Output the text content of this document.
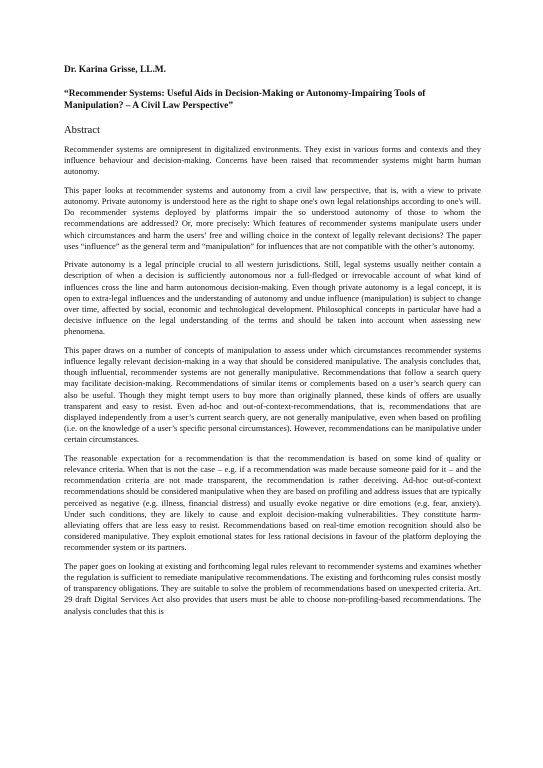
Dr. Karina Grisse, LL.M.

“Recommender Systems: Useful Aids in Decision-Making or Autonomy-Impairing Tools of Manipulation? – A Civil Law Perspective”

Abstract

Recommender systems are omnipresent in digitalized environments. They exist in various forms and contexts and they influence behaviour and decision-making. Concerns have been raised that recommender systems might harm human autonomy.

This paper looks at recommender systems and autonomy from a civil law perspective, that is, with a view to private autonomy. Private autonomy is understood here as the right to shape one's own legal relationships according to one's will. Do recommender systems deployed by platforms impair the so understood autonomy of those to whom the recommendations are addressed? Or, more precisely: Which features of recommender systems manipulate users under which circumstances and harm the users’ free and willing choice in the context of legally relevant decisions? The paper uses “influence” as the general term and “manipulation” for influences that are not compatible with the other’s autonomy.

Private autonomy is a legal principle crucial to all western jurisdictions. Still, legal systems usually neither contain a description of when a decision is sufficiently autonomous nor a full-fledged or irrevocable account of what kind of influences cross the line and harm autonomous decision-making. Even though private autonomy is a legal concept, it is open to extra-legal influences and the understanding of autonomy and undue influence (manipulation) is subject to change over time, affected by social, economic and technological development. Philosophical concepts in particular have had a decisive influence on the legal understanding of the terms and should be taken into account when assessing new phenomena.

This paper draws on a number of concepts of manipulation to assess under which circumstances recommender systems influence legally relevant decision-making in a way that should be considered manipulative. The analysis concludes that, though influential, recommender systems are not generally manipulative. Recommendations that follow a search query may facilitate decision-making. Recommendations of similar items or complements based on a user’s search query can also be useful. Though they might tempt users to buy more than originally planned, these kinds of offers are usually transparent and easy to resist. Even ad-hoc and out-of-context-recommendations, that is, recommendations that are displayed independently from a user’s current search query, are not generally manipulative, even when based on profiling (i.e. on the knowledge of a user’s specific personal circumstances). However, recommendations can be manipulative under certain circumstances.

The reasonable expectation for a recommendation is that the recommendation is based on some kind of quality or relevance criteria. When that is not the case – e.g. if a recommendation was made because someone paid for it – and the recommendation criteria are not made transparent, the recommendation is rather deceiving. Ad-hoc out-of-context recommendations should be considered manipulative when they are based on profiling and address issues that are typically perceived as negative (e.g. illness, financial distress) and usually evoke negative or dire emotions (e.g. fear, anxiety). Under such conditions, they are likely to cause and exploit decision-making vulnerabilities. They constitute harm-alleviating offers that are less easy to resist. Recommendations based on real-time emotion recognition should also be considered manipulative. They exploit emotional states for less rational decisions in favour of the platform deploying the recommender system or its partners.

The paper goes on looking at existing and forthcoming legal rules relevant to recommender systems and examines whether the regulation is sufficient to remediate manipulative recommendations. The existing and forthcoming rules consist mostly of transparency obligations. They are suitable to solve the problem of recommendations based on unexpected criteria. Art. 29 draft Digital Services Act also provides that users must be able to choose non-profiling-based recommendations. The analysis concludes that this is
